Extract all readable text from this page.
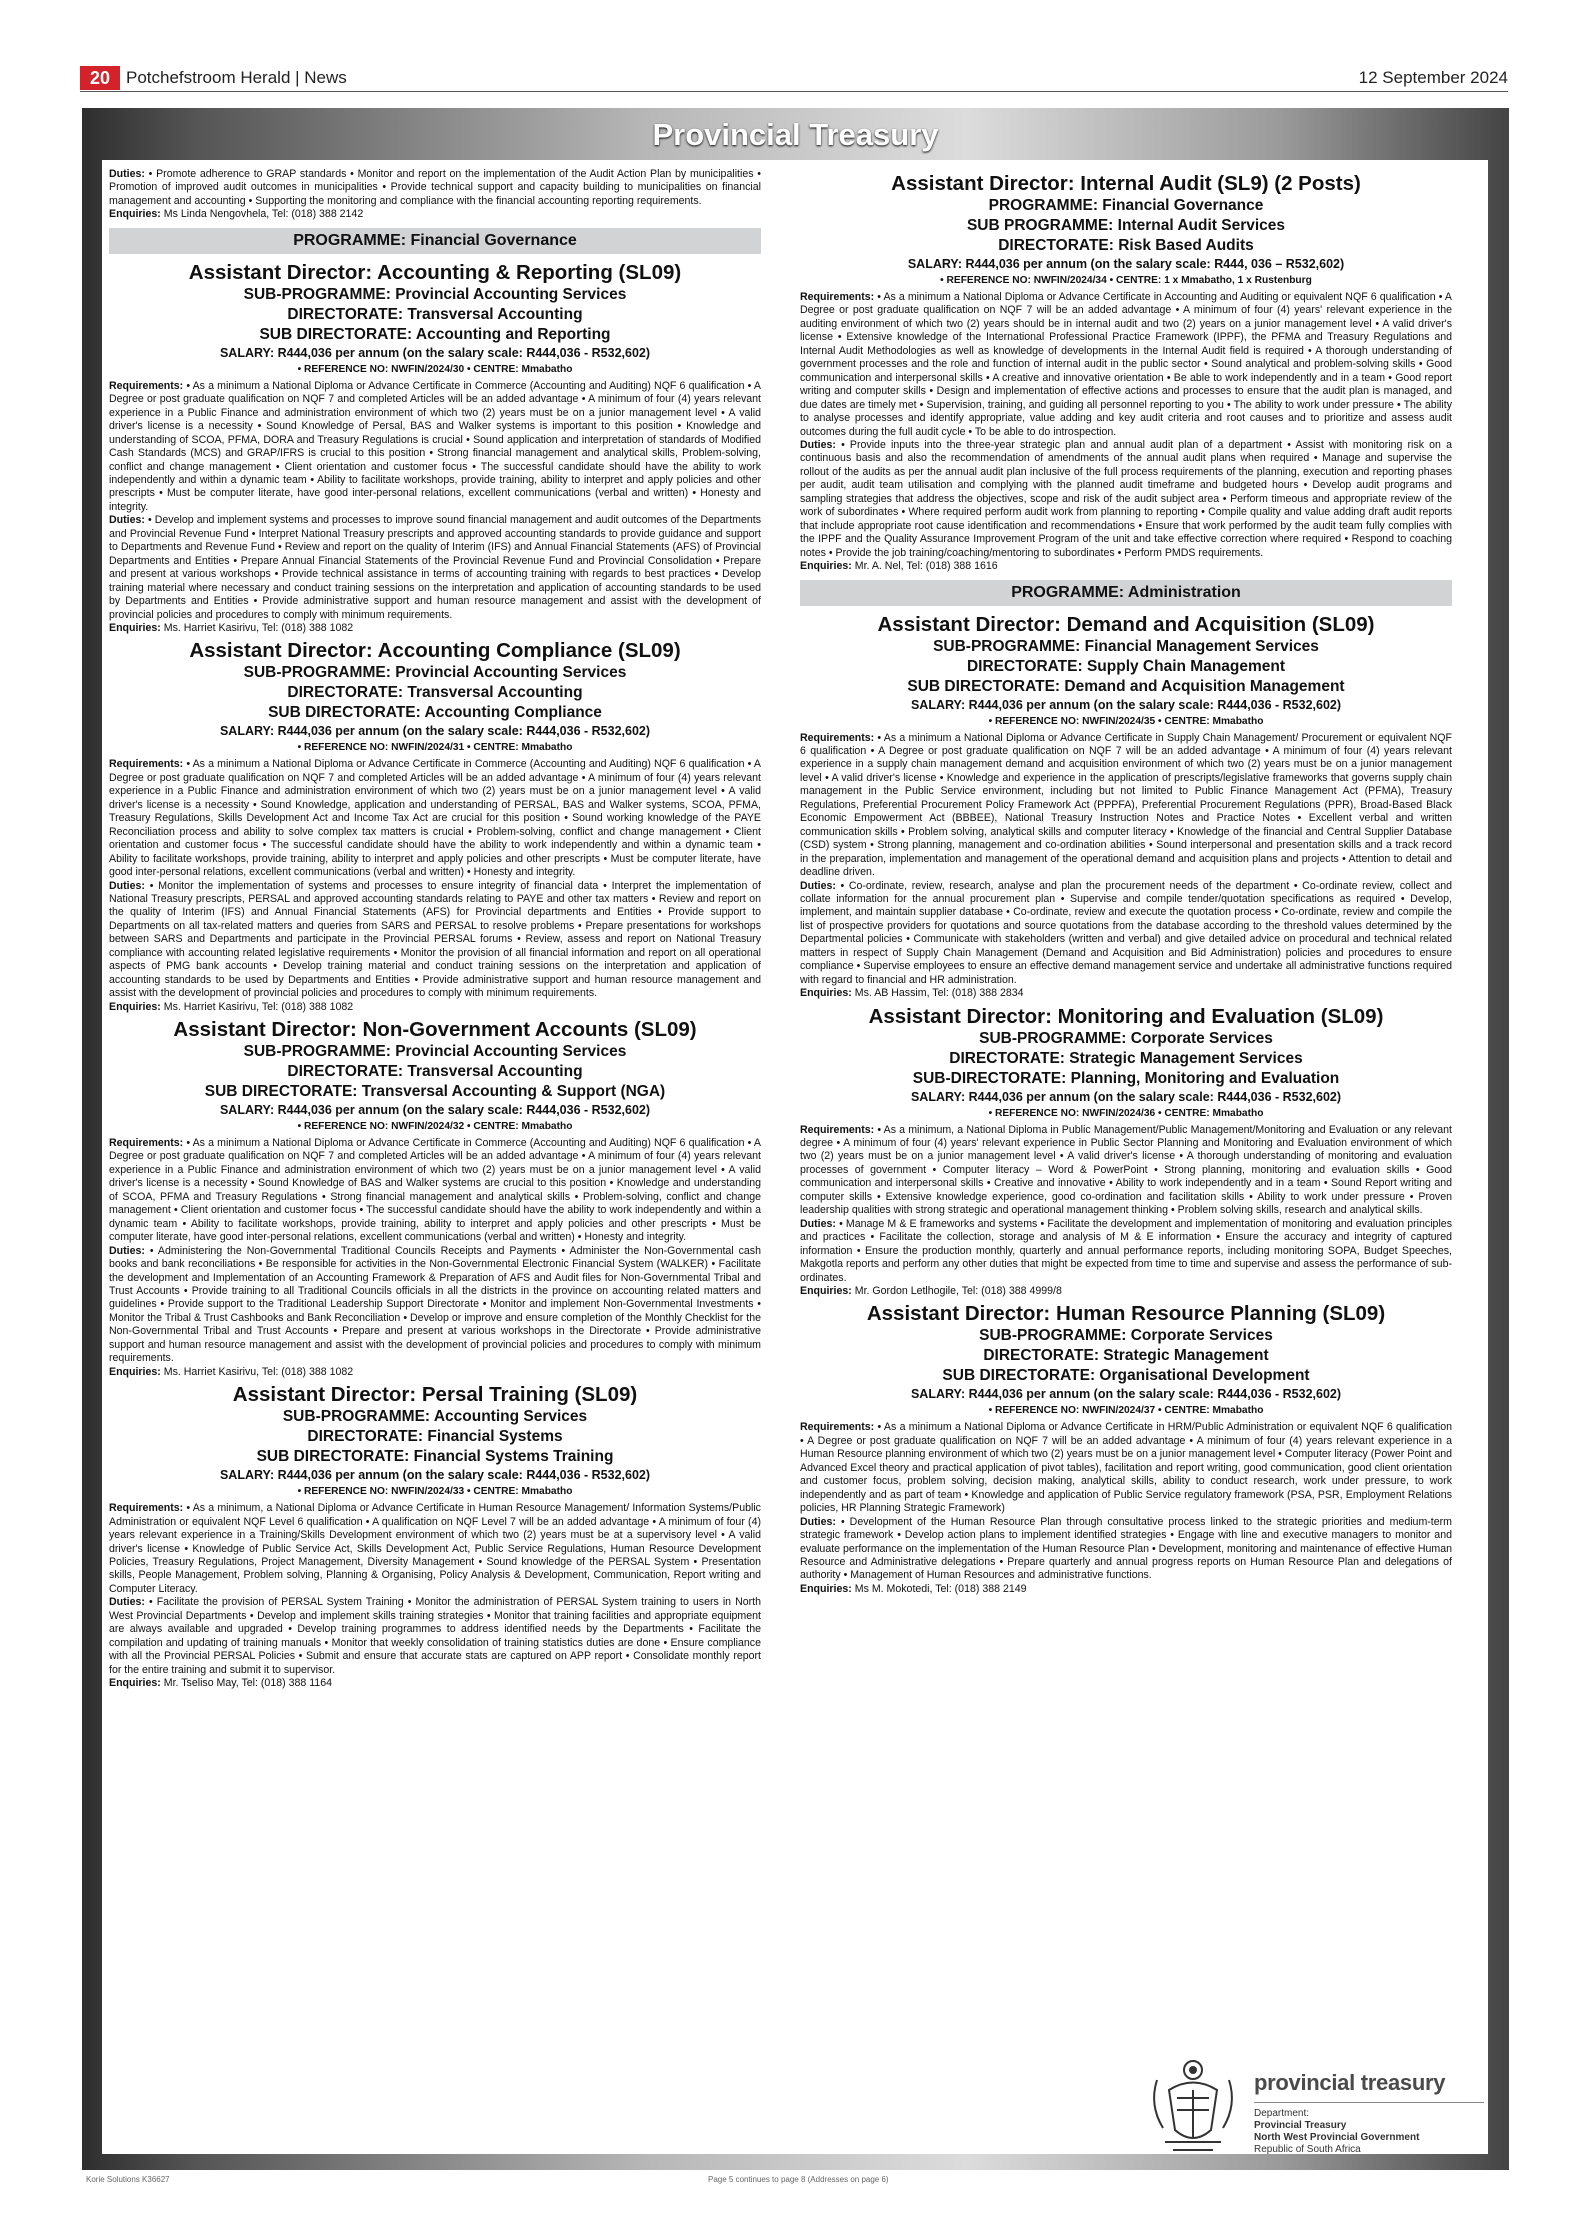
20 Potchefstroom Herald | News	12 September 2024
Provincial Treasury
Duties: • Promote adherence to GRAP standards • Monitor and report on the implementation of the Audit Action Plan by municipalities • Promotion of improved audit outcomes in municipalities • Provide technical support and capacity building to municipalities on financial management and accounting • Supporting the monitoring and compliance with the financial accounting reporting requirements.
Enquiries: Ms Linda Nengovhela, Tel: (018) 388 2142
PROGRAMME: Financial Governance
Assistant Director: Accounting & Reporting (SL09)
SUB-PROGRAMME: Provincial Accounting Services
DIRECTORATE: Transversal Accounting
SUB DIRECTORATE: Accounting and Reporting
SALARY: R444,036 per annum (on the salary scale: R444,036 - R532,602)
• REFERENCE NO: NWFIN/2024/30 • CENTRE: Mmabatho
Requirements: • As a minimum a National Diploma or Advance Certificate in Commerce (Accounting and Auditing) NQF 6 qualification • A Degree or post graduate qualification on NQF 7 and completed Articles will be an added advantage • A minimum of four (4) years relevant experience in a Public Finance and administration environment of which two (2) years must be on a junior management level • A valid driver's license is a necessity • Sound Knowledge of Persal, BAS and Walker systems is important to this position • Knowledge and understanding of SCOA, PFMA, DORA and Treasury Regulations is crucial • Sound application and interpretation of standards of Modified Cash Standards (MCS) and GRAP/IFRS is crucial to this position • Strong financial management and analytical skills, Problem-solving, conflict and change management • Client orientation and customer focus • The successful candidate should have the ability to work independently and within a dynamic team • Ability to facilitate workshops, provide training, ability to interpret and apply policies and other prescripts • Must be computer literate, have good inter-personal relations, excellent communications (verbal and written) • Honesty and integrity.
Duties: • Develop and implement systems and processes to improve sound financial management and audit outcomes of the Departments and Provincial Revenue Fund • Interpret National Treasury prescripts and approved accounting standards to provide guidance and support to Departments and Revenue Fund • Review and report on the quality of Interim (IFS) and Annual Financial Statements (AFS) of Provincial Departments and Entities • Prepare Annual Financial Statements of the Provincial Revenue Fund and Provincial Consolidation • Prepare and present at various workshops • Provide technical assistance in terms of accounting training with regards to best practices • Develop training material where necessary and conduct training sessions on the interpretation and application of accounting standards to be used by Departments and Entities • Provide administrative support and human resource management and assist with the development of provincial policies and procedures to comply with minimum requirements.
Enquiries: Ms. Harriet Kasirivu, Tel: (018) 388 1082
Assistant Director: Accounting Compliance (SL09)
SUB-PROGRAMME: Provincial Accounting Services
DIRECTORATE: Transversal Accounting
SUB DIRECTORATE: Accounting Compliance
SALARY: R444,036 per annum (on the salary scale: R444,036 - R532,602)
• REFERENCE NO: NWFIN/2024/31 • CENTRE: Mmabatho
Requirements: • As a minimum a National Diploma or Advance Certificate in Commerce (Accounting and Auditing) NQF 6 qualification • A Degree or post graduate qualification on NQF 7 and completed Articles will be an added advantage • A minimum of four (4) years relevant experience in a Public Finance and administration environment of which two (2) years must be on a junior management level • A valid driver's license is a necessity • Sound Knowledge, application and understanding of PERSAL, BAS and Walker systems, SCOA, PFMA, Treasury Regulations, Skills Development Act and Income Tax Act are crucial for this position • Sound working knowledge of the PAYE Reconciliation process and ability to solve complex tax matters is crucial • Problem-solving, conflict and change management • Client orientation and customer focus • The successful candidate should have the ability to work independently and within a dynamic team • Ability to facilitate workshops, provide training, ability to interpret and apply policies and other prescripts • Must be computer literate, have good inter-personal relations, excellent communications (verbal and written) • Honesty and integrity.
Duties: • Monitor the implementation of systems and processes to ensure integrity of financial data • Interpret the implementation of National Treasury prescripts, PERSAL and approved accounting standards relating to PAYE and other tax matters • Review and report on the quality of Interim (IFS) and Annual Financial Statements (AFS) for Provincial departments and Entities • Provide support to Departments on all tax-related matters and queries from SARS and PERSAL to resolve problems • Prepare presentations for workshops between SARS and Departments and participate in the Provincial PERSAL forums • Review, assess and report on National Treasury compliance with accounting related legislative requirements • Monitor the provision of all financial information and report on all operational aspects of PMG bank accounts • Develop training material and conduct training sessions on the interpretation and application of accounting standards to be used by Departments and Entities • Provide administrative support and human resource management and assist with the development of provincial policies and procedures to comply with minimum requirements.
Enquiries: Ms. Harriet Kasirivu, Tel: (018) 388 1082
Assistant Director: Non-Government Accounts (SL09)
SUB-PROGRAMME: Provincial Accounting Services
DIRECTORATE: Transversal Accounting
SUB DIRECTORATE: Transversal Accounting & Support (NGA)
SALARY: R444,036 per annum (on the salary scale: R444,036 - R532,602)
• REFERENCE NO: NWFIN/2024/32 • CENTRE: Mmabatho
Requirements: • As a minimum a National Diploma or Advance Certificate in Commerce (Accounting and Auditing) NQF 6 qualification • A Degree or post graduate qualification on NQF 7 and completed Articles will be an added advantage • A minimum of four (4) years relevant experience in a Public Finance and administration environment of which two (2) years must be on a junior management level • A valid driver's license is a necessity • Sound Knowledge of BAS and Walker systems are crucial to this position • Knowledge and understanding of SCOA, PFMA and Treasury Regulations • Strong financial management and analytical skills • Problem-solving, conflict and change management • Client orientation and customer focus • The successful candidate should have the ability to work independently and within a dynamic team • Ability to facilitate workshops, provide training, ability to interpret and apply policies and other prescripts • Must be computer literate, have good inter-personal relations, excellent communications (verbal and written) • Honesty and integrity.
Duties: • Administering the Non-Governmental Traditional Councils Receipts and Payments • Administer the Non-Governmental cash books and bank reconciliations • Be responsible for activities in the Non-Governmental Electronic Financial System (WALKER) • Facilitate the development and Implementation of an Accounting Framework & Preparation of AFS and Audit files for Non-Governmental Tribal and Trust Accounts • Provide training to all Traditional Councils officials in all the districts in the province on accounting related matters and guidelines • Provide support to the Traditional Leadership Support Directorate • Monitor and implement Non-Governmental Investments • Monitor the Tribal & Trust Cashbooks and Bank Reconciliation • Develop or improve and ensure completion of the Monthly Checklist for the Non-Governmental Tribal and Trust Accounts • Prepare and present at various workshops in the Directorate • Provide administrative support and human resource management and assist with the development of provincial policies and procedures to comply with minimum requirements.
Enquiries: Ms. Harriet Kasirivu, Tel: (018) 388 1082
Assistant Director: Persal Training (SL09)
SUB-PROGRAMME: Accounting Services
DIRECTORATE: Financial Systems
SUB DIRECTORATE: Financial Systems Training
SALARY: R444,036 per annum (on the salary scale: R444,036 - R532,602)
• REFERENCE NO: NWFIN/2024/33 • CENTRE: Mmabatho
Requirements: • As a minimum, a National Diploma or Advance Certificate in Human Resource Management/ Information Systems/Public Administration or equivalent NQF Level 6 qualification • A qualification on NQF Level 7 will be an added advantage • A minimum of four (4) years relevant experience in a Training/Skills Development environment of which two (2) years must be at a supervisory level • A valid driver's license • Knowledge of Public Service Act, Skills Development Act, Public Service Regulations, Human Resource Development Policies, Treasury Regulations, Project Management, Diversity Management • Sound knowledge of the PERSAL System • Presentation skills, People Management, Problem solving, Planning & Organising, Policy Analysis & Development, Communication, Report writing and Computer Literacy.
Duties: • Facilitate the provision of PERSAL System Training • Monitor the administration of PERSAL System training to users in North West Provincial Departments • Develop and implement skills training strategies • Monitor that training facilities and appropriate equipment are always available and upgraded • Develop training programmes to address identified needs by the Departments • Facilitate the compilation and updating of training manuals • Monitor that weekly consolidation of training statistics duties are done • Ensure compliance with all the Provincial PERSAL Policies • Submit and ensure that accurate stats are captured on APP report • Consolidate monthly report for the entire training and submit it to supervisor.
Enquiries: Mr. Tseliso May, Tel: (018) 388 1164
Assistant Director: Internal Audit (SL9) (2 Posts)
PROGRAMME: Financial Governance
SUB PROGRAMME: Internal Audit Services
DIRECTORATE: Risk Based Audits
SALARY: R444,036 per annum (on the salary scale: R444, 036 – R532,602)
• REFERENCE NO: NWFIN/2024/34 • CENTRE: 1 x Mmabatho, 1 x Rustenburg
Requirements: • As a minimum a National Diploma or Advance Certificate in Accounting and Auditing or equivalent NQF 6 qualification • A Degree or post graduate qualification on NQF 7 will be an added advantage • A minimum of four (4) years' relevant experience in the auditing environment of which two (2) years should be in internal audit and two (2) years on a junior management level • A valid driver's license • Extensive knowledge of the International Professional Practice Framework (IPPF), the PFMA and Treasury Regulations and Internal Audit Methodologies as well as knowledge of developments in the Internal Audit field is required • A thorough understanding of government processes and the role and function of internal audit in the public sector • Sound analytical and problem-solving skills • Good communication and interpersonal skills • A creative and innovative orientation • Be able to work independently and in a team • Good report writing and computer skills • Design and implementation of effective actions and processes to ensure that the audit plan is managed, and due dates are timely met • Supervision, training, and guiding all personnel reporting to you • The ability to work under pressure • The ability to analyse processes and identify appropriate, value adding and key audit criteria and root causes and to prioritize and assess audit outcomes during the full audit cycle • To be able to do introspection.
Duties: • Provide inputs into the three-year strategic plan and annual audit plan of a department • Assist with monitoring risk on a continuous basis and also the recommendation of amendments of the annual audit plans when required • Manage and supervise the rollout of the audits as per the annual audit plan inclusive of the full process requirements of the planning, execution and reporting phases per audit, audit team utilisation and complying with the planned audit timeframe and budgeted hours • Develop audit programs and sampling strategies that address the objectives, scope and risk of the audit subject area • Perform timeous and appropriate review of the work of subordinates • Where required perform audit work from planning to reporting • Compile quality and value adding draft audit reports that include appropriate root cause identification and recommendations • Ensure that work performed by the audit team fully complies with the IPPF and the Quality Assurance Improvement Program of the unit and take effective correction where required • Respond to coaching notes • Provide the job training/coaching/mentoring to subordinates • Perform PMDS requirements.
Enquiries: Mr. A. Nel, Tel: (018) 388 1616
PROGRAMME: Administration
Assistant Director: Demand and Acquisition (SL09)
SUB-PROGRAMME: Financial Management Services
DIRECTORATE: Supply Chain Management
SUB DIRECTORATE: Demand and Acquisition Management
SALARY: R444,036 per annum (on the salary scale: R444,036 - R532,602)
• REFERENCE NO: NWFIN/2024/35 • CENTRE: Mmabatho
Requirements: • As a minimum a National Diploma or Advance Certificate in Supply Chain Management/ Procurement or equivalent NQF 6 qualification • A Degree or post graduate qualification on NQF 7 will be an added advantage • A minimum of four (4) years relevant experience in a supply chain management demand and acquisition environment of which two (2) years must be on a junior management level • A valid driver's license • Knowledge and experience in the application of prescripts/legislative frameworks that governs supply chain management in the Public Service environment, including but not limited to Public Finance Management Act (PFMA), Treasury Regulations, Preferential Procurement Policy Framework Act (PPPFA), Preferential Procurement Regulations (PPR), Broad-Based Black Economic Empowerment Act (BBBEE), National Treasury Instruction Notes and Practice Notes • Excellent verbal and written communication skills • Problem solving, analytical skills and computer literacy • Knowledge of the financial and Central Supplier Database (CSD) system • Strong planning, management and co-ordination abilities • Sound interpersonal and presentation skills and a track record in the preparation, implementation and management of the operational demand and acquisition plans and projects • Attention to detail and deadline driven.
Duties: • Co-ordinate, review, research, analyse and plan the procurement needs of the department • Co-ordinate review, collect and collate information for the annual procurement plan • Supervise and compile tender/quotation specifications as required • Develop, implement, and maintain supplier database • Co-ordinate, review and execute the quotation process • Co-ordinate, review and compile the list of prospective providers for quotations and source quotations from the database according to the threshold values determined by the Departmental policies • Communicate with stakeholders (written and verbal) and give detailed advice on procedural and technical related matters in respect of Supply Chain Management (Demand and Acquisition and Bid Administration) policies and procedures to ensure compliance • Supervise employees to ensure an effective demand management service and undertake all administrative functions required with regard to financial and HR administration.
Enquiries: Ms. AB Hassim, Tel: (018) 388 2834
Assistant Director: Monitoring and Evaluation (SL09)
SUB-PROGRAMME: Corporate Services
DIRECTORATE: Strategic Management Services
SUB-DIRECTORATE: Planning, Monitoring and Evaluation
SALARY: R444,036 per annum (on the salary scale: R444,036 - R532,602)
• REFERENCE NO: NWFIN/2024/36 • CENTRE: Mmabatho
Requirements: • As a minimum, a National Diploma in Public Management/Public Management/Monitoring and Evaluation or any relevant degree • A minimum of four (4) years' relevant experience in Public Sector Planning and Monitoring and Evaluation environment of which two (2) years must be on a junior management level • A valid driver's license • A thorough understanding of monitoring and evaluation processes of government • Computer literacy – Word & PowerPoint • Strong planning, monitoring and evaluation skills • Good communication and interpersonal skills • Creative and innovative • Ability to work independently and in a team • Sound Report writing and computer skills • Extensive knowledge experience, good co-ordination and facilitation skills • Ability to work under pressure • Proven leadership qualities with strong strategic and operational management thinking • Problem solving skills, research and analytical skills.
Duties: • Manage M & E frameworks and systems • Facilitate the development and implementation of monitoring and evaluation principles and practices • Facilitate the collection, storage and analysis of M & E information • Ensure the accuracy and integrity of captured information • Ensure the production monthly, quarterly and annual performance reports, including monitoring SOPA, Budget Speeches, Makgotla reports and perform any other duties that might be expected from time to time and supervise and assess the performance of sub-ordinates.
Enquiries: Mr. Gordon Letlhogile, Tel: (018) 388 4999/8
Assistant Director: Human Resource Planning (SL09)
SUB-PROGRAMME: Corporate Services
DIRECTORATE: Strategic Management
SUB DIRECTORATE: Organisational Development
SALARY: R444,036 per annum (on the salary scale: R444,036 - R532,602)
• REFERENCE NO: NWFIN/2024/37 • CENTRE: Mmabatho
Requirements: • As a minimum a National Diploma or Advance Certificate in HRM/Public Administration or equivalent NQF 6 qualification • A Degree or post graduate qualification on NQF 7 will be an added advantage • A minimum of four (4) years relevant experience in a Human Resource planning environment of which two (2) years must be on a junior management level • Computer literacy (Power Point and Advanced Excel theory and practical application of pivot tables), facilitation and report writing, good communication, good client orientation and customer focus, problem solving, decision making, analytical skills, ability to conduct research, work under pressure, to work independently and as part of team • Knowledge and application of Public Service regulatory framework (PSA, PSR, Employment Relations policies, HR Planning Strategic Framework)
Duties: • Development of the Human Resource Plan through consultative process linked to the strategic priorities and medium-term strategic framework • Develop action plans to implement identified strategies • Engage with line and executive managers to monitor and evaluate performance on the implementation of the Human Resource Plan • Development, monitoring and maintenance of effective Human Resource and Administrative delegations • Prepare quarterly and annual progress reports on Human Resource Plan and delegations of authority • Management of Human Resources and administrative functions.
Enquiries: Ms M. Mokotedi, Tel: (018) 388 2149
provincial treasury
Department:
Provincial Treasury
North West Provincial Government
Republic of South Africa
Korie Solutions K36627	Page 5 continues to page 8 (Addresses on page 6)
